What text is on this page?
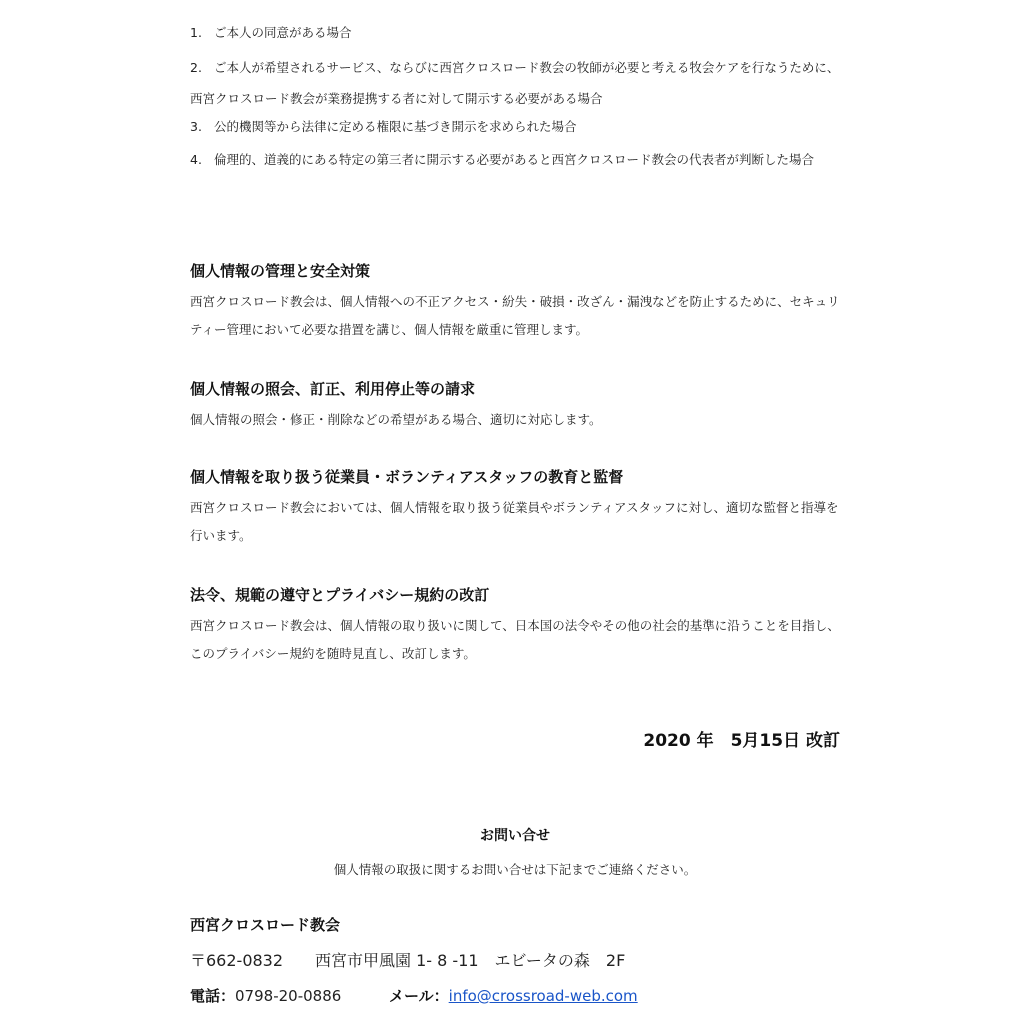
1. ご本人の同意がある場合
2. ご本人が希望されるサービス、ならびに西宮クロスロード教会の牧師が必要と考える牧会ケアを行なうために、西宮クロスロード教会が業務提携する者に対して開示する必要がある場合
3. 公的機関等から法律に定める権限に基づき開示を求められた場合
4. 倫理的、道義的にある特定の第三者に開示する必要があると西宮クロスロード教会の代表者が判断した場合
個人情報の管理と安全対策

西宮クロスロード教会は、個人情報への不正アクセス・紛失・破損・改ざん・漏洩などを防止するために、セキュリティー管理において必要な措置を講じ、個人情報を厳重に管理します。

個人情報の照会、訂正、利用停止等の請求

個人情報の照会・修正・削除などの希望がある場合、適切に対応します。

個人情報を取り扱う従業員・ボランティアスタッフの教育と監督

西宮クロスロード教会においては、個人情報を取り扱う従業員やボランティアスタッフに対し、適切な監督と指導を行います。

法令、規範の遵守とプライバシー規約の改訂

西宮クロスロード教会は、個人情報の取り扱いに関して、日本国の法令やその他の社会的基準に沿うことを目指し、このプライバシー規約を随時見直し、改訂します。

2020 年　5月15日 改訂
お問い合せ
個人情報の取扱に関するお問い合せは下記までご連絡ください。
西宮クロスロード教会
〒662-0832　　西宮市甲風園 1- 8 -11　エビータの森　2F
電話：0798-20-0886	メール：info@crossroad-web.com
